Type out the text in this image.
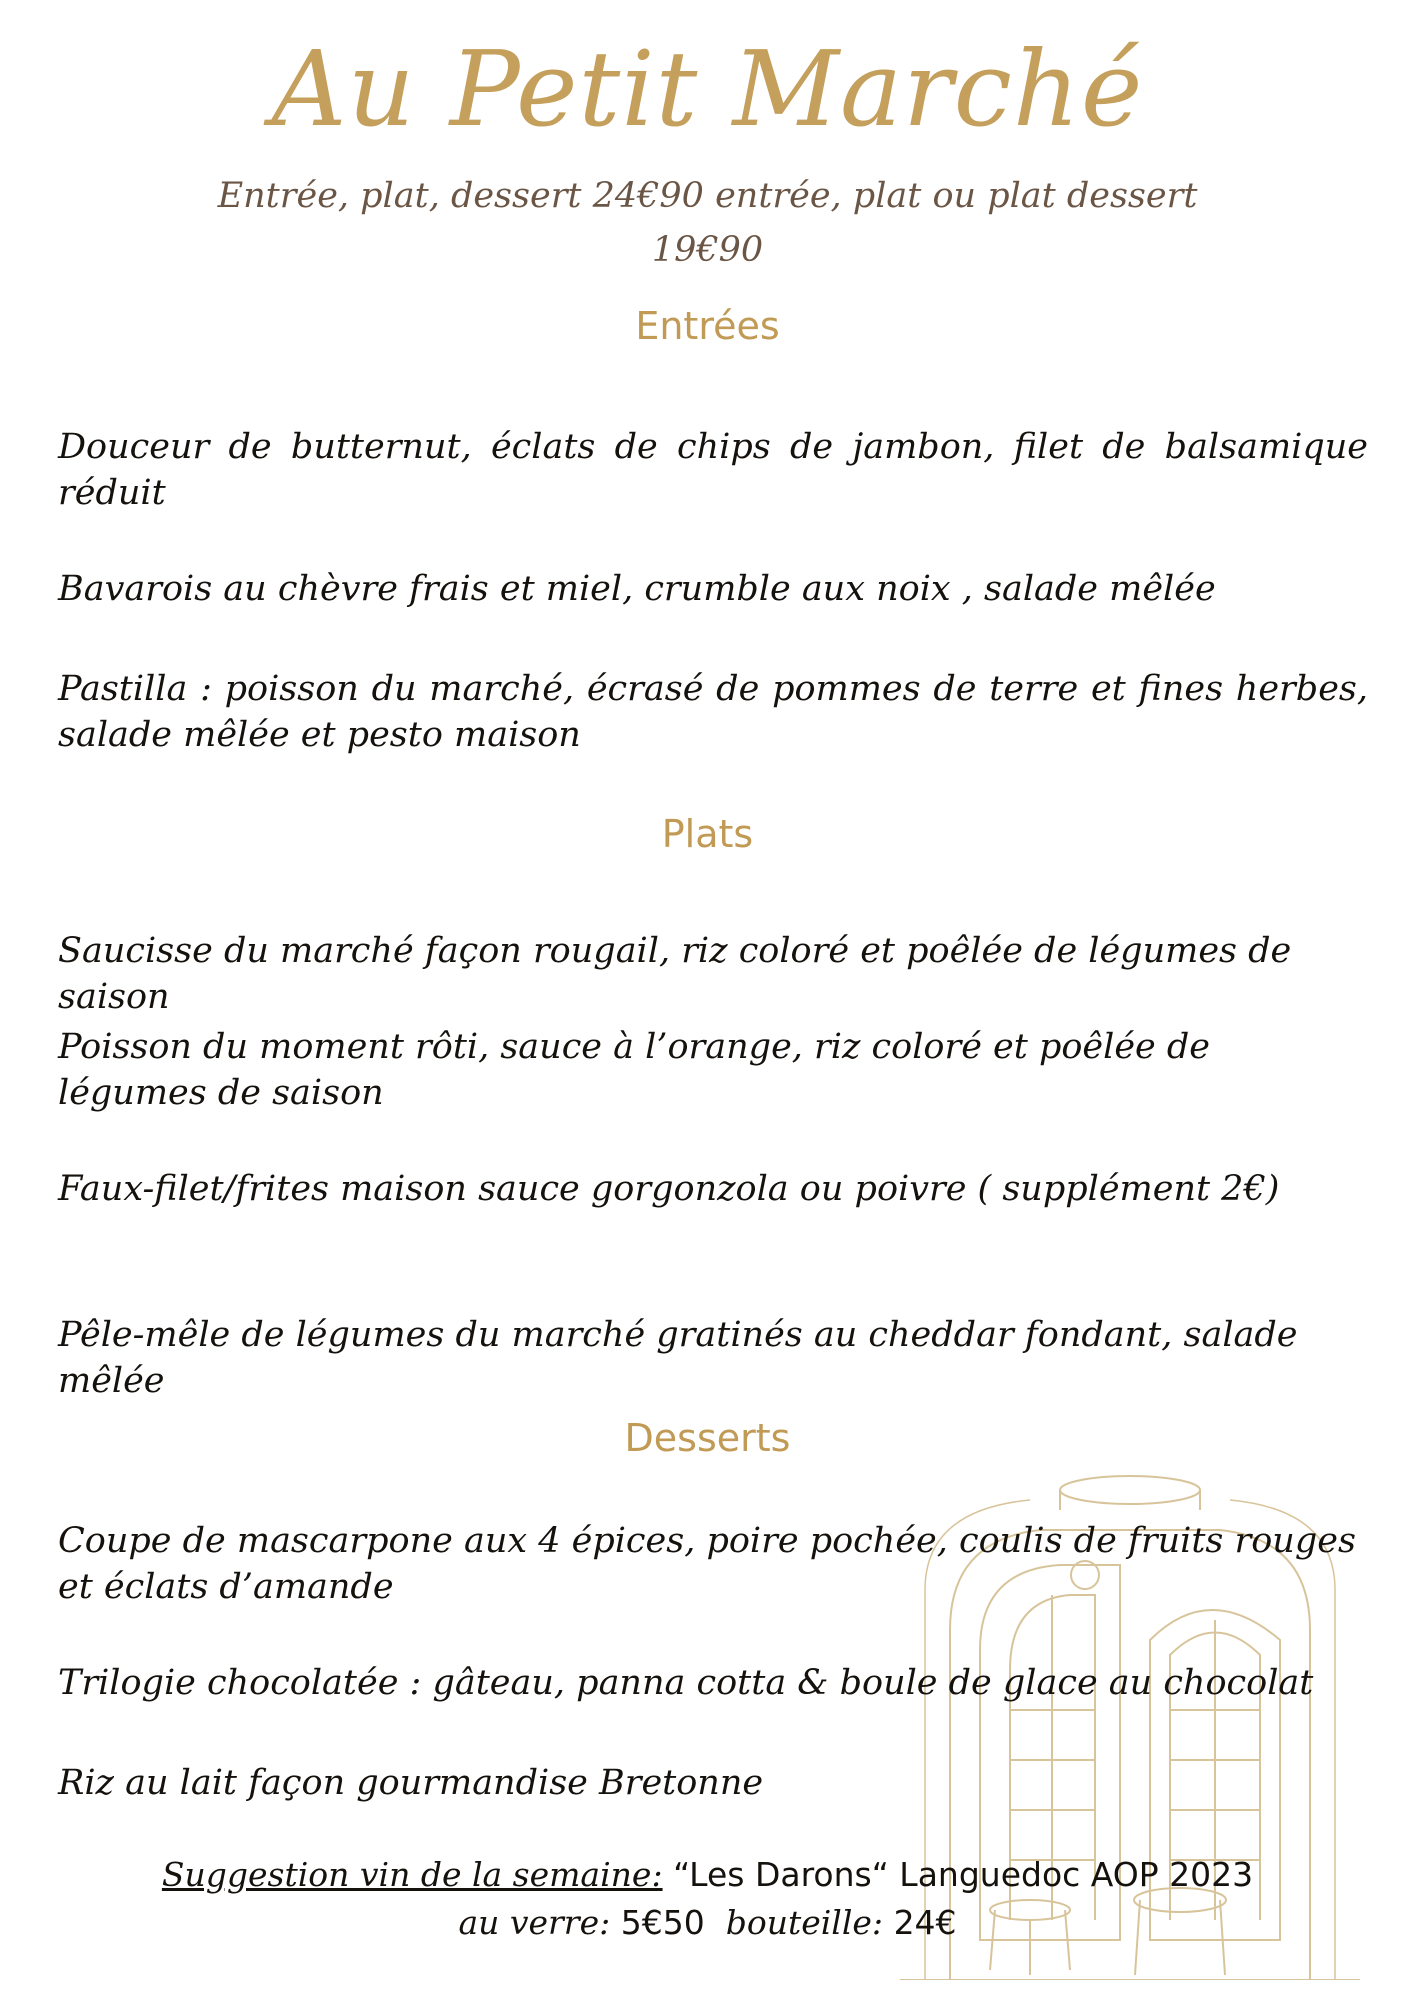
Au Petit Marché
Entrée, plat, dessert 24€90 entrée, plat ou plat dessert
19€90
Entrées
Douceur de butternut, éclats de chips de jambon, filet de balsamique réduit
Bavarois au chèvre frais et miel, crumble aux noix , salade mêlée
Pastilla : poisson du marché, écrasé de pommes de terre et fines herbes, salade mêlée et pesto maison
Plats
Saucisse du marché façon rougail, riz coloré et poêlée de légumes de saison
Poisson du moment rôti, sauce à l’orange, riz coloré et poêlée de légumes de saison
Faux-filet/frites maison sauce gorgonzola ou poivre ( supplément 2€)
Pêle-mêle de légumes du marché gratinés au cheddar fondant, salade mêlée
Desserts
Coupe de mascarpone aux 4 épices, poire pochée, coulis de fruits rouges et éclats d’amande
Trilogie chocolatée : gâteau, panna cotta & boule de glace au chocolat
Riz au lait façon gourmandise Bretonne
Suggestion vin de la semaine: “Les Darons“ Languedoc AOP 2023
au verre: 5€50 bouteille: 24€
